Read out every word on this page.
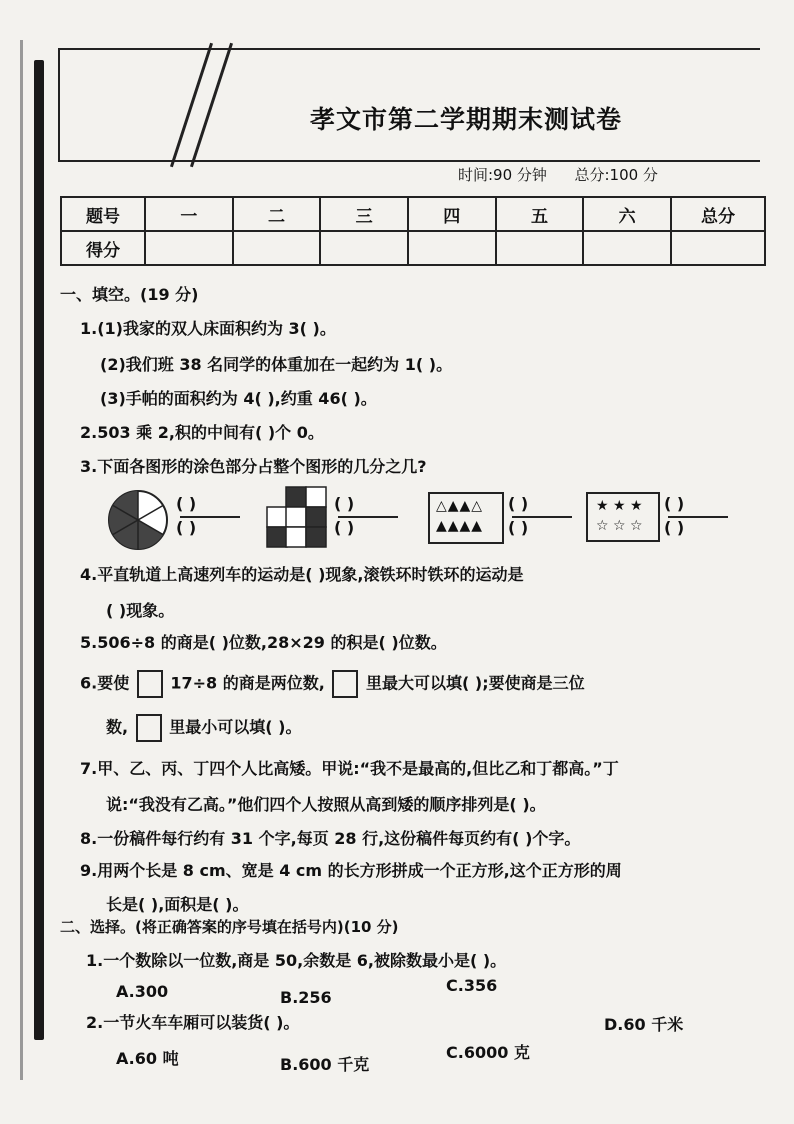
孝文市第二学期期末测试卷
时间:90 分钟 总分:100 分
题号	一	二	三	四	五	六	总分
得分							
一、填空。(19 分)
1.(1)我家的双人床面积约为 3( )。
(2)我们班 38 名同学的体重加在一起约为 1( )。
(3)手帕的面积约为 4( ),约重 46( )。
2.503 乘 2,积的中间有( )个 0。
3.下面各图形的涂色部分占整个图形的几分之几?
( )
( )
( )
( )
△▲▲△
▲▲▲▲
( )
( )
★ ★ ★
☆ ☆ ☆
( )
( )
4.平直轨道上高速列车的运动是( )现象,滚铁环时铁环的运动是
( )现象。
5.506÷8 的商是( )位数,28×29 的积是( )位数。
6.要使	17÷8 的商是两位数,	里最大可以填( );要使商是三位
数,	里最小可以填( )。
7.甲、乙、丙、丁四个人比高矮。甲说:“我不是最高的,但比乙和丁都高。”丁
说:“我没有乙高。”他们四个人按照从高到矮的顺序排列是( )。
8.一份稿件每行约有 31 个字,每页 28 行,这份稿件每页约有( )个字。
9.用两个长是 8 cm、宽是 4 cm 的长方形拼成一个正方形,这个正方形的周
长是( ),面积是( )。
二、选择。(将正确答案的序号填在括号内)(10 分)
1.一个数除以一位数,商是 50,余数是 6,被除数最小是( )。
A.300	B.256
C.356
2.一节火车车厢可以装货( )。
A.60 吨	B.600 千克
C.6000 克
D.60 千米
